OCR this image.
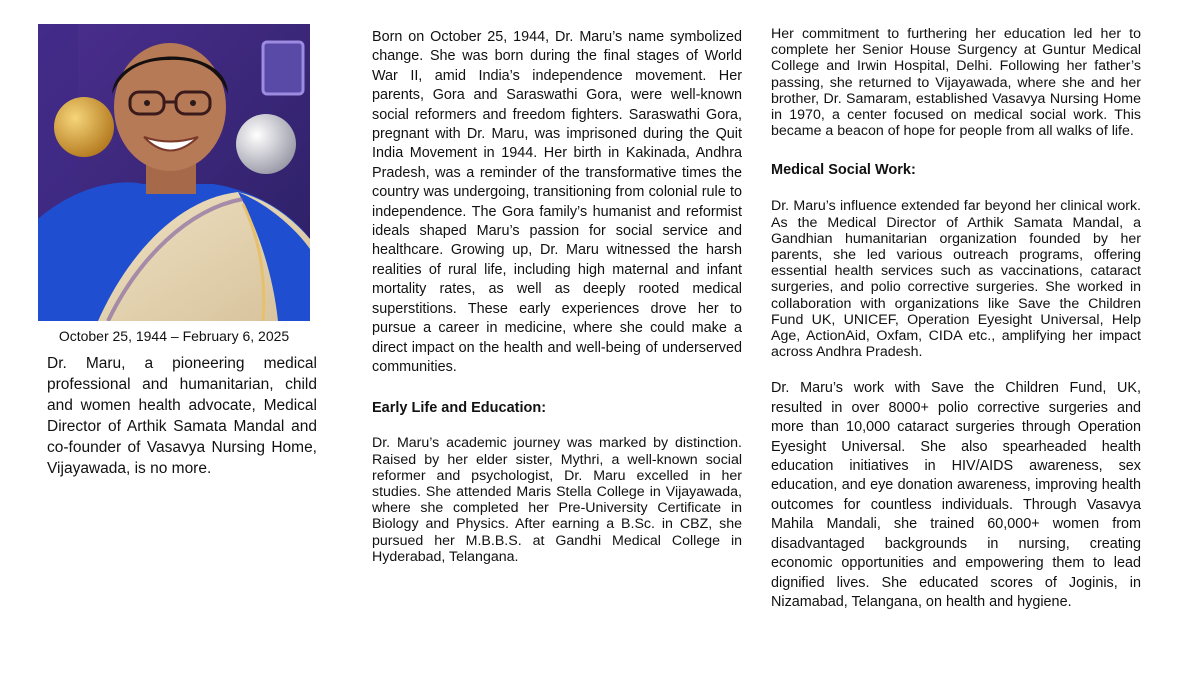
October 25, 1944 – February 6, 2025
Dr. Maru, a pioneering medical professional and humanitarian, child and women health advocate, Medical Director of Arthik Samata Mandal and co-founder of Vasavya Nursing Home, Vijayawada, is no more.

Born on October 25, 1944, Dr. Maru’s name symbolized change. She was born during the final stages of World War II, amid India’s independence movement. Her parents, Gora and Saraswathi Gora, were well-known social reformers and freedom fighters. Saraswathi Gora, pregnant with Dr. Maru, was imprisoned during the Quit India Movement in 1944. Her birth in Kakinada, Andhra Pradesh, was a reminder of the transformative times the country was undergoing, transitioning from colonial rule to independence. The Gora family’s humanist and reformist ideals shaped Maru’s passion for social service and healthcare. Growing up, Dr. Maru witnessed the harsh realities of rural life, including high maternal and infant mortality rates, as well as deeply rooted medical superstitions. These early experiences drove her to pursue a career in medicine, where she could make a direct impact on the health and well-being of underserved communities.

Early Life and Education:

Dr. Maru’s academic journey was marked by distinction. Raised by her elder sister, Mythri, a well-known social reformer and psychologist, Dr. Maru excelled in her studies. She attended Maris Stella College in Vijayawada, where she completed her Pre-University Certificate in Biology and Physics. After earning a B.Sc. in CBZ, she pursued her M.B.B.S. at Gandhi Medical College in Hyderabad, Telangana.

Her commitment to furthering her education led her to complete her Senior House Surgency at Guntur Medical College and Irwin Hospital, Delhi. Following her father’s passing, she returned to Vijayawada, where she and her brother, Dr. Samaram, established Vasavya Nursing Home in 1970, a center focused on medical social work. This became a beacon of hope for people from all walks of life.

Medical Social Work:

Dr. Maru’s influence extended far beyond her clinical work. As the Medical Director of Arthik Samata Mandal, a Gandhian humanitarian organization founded by her parents, she led various outreach programs, offering essential health services such as vaccinations, cataract surgeries, and polio corrective surgeries. She worked in collaboration with organizations like Save the Children Fund UK, UNICEF, Operation Eyesight Universal, Help Age, ActionAid, Oxfam, CIDA etc., amplifying her impact across Andhra Pradesh.

Dr. Maru’s work with Save the Children Fund, UK, resulted in over 8000+ polio corrective surgeries and more than 10,000 cataract surgeries through Operation Eyesight Universal. She also spearheaded health education initiatives in HIV/AIDS awareness, sex education, and eye donation awareness, improving health outcomes for countless individuals. Through Vasavya Mahila Mandali, she trained 60,000+ women from disadvantaged backgrounds in nursing, creating economic opportunities and empowering them to lead dignified lives. She educated scores of Joginis, in Nizamabad, Telangana, on health and hygiene.
